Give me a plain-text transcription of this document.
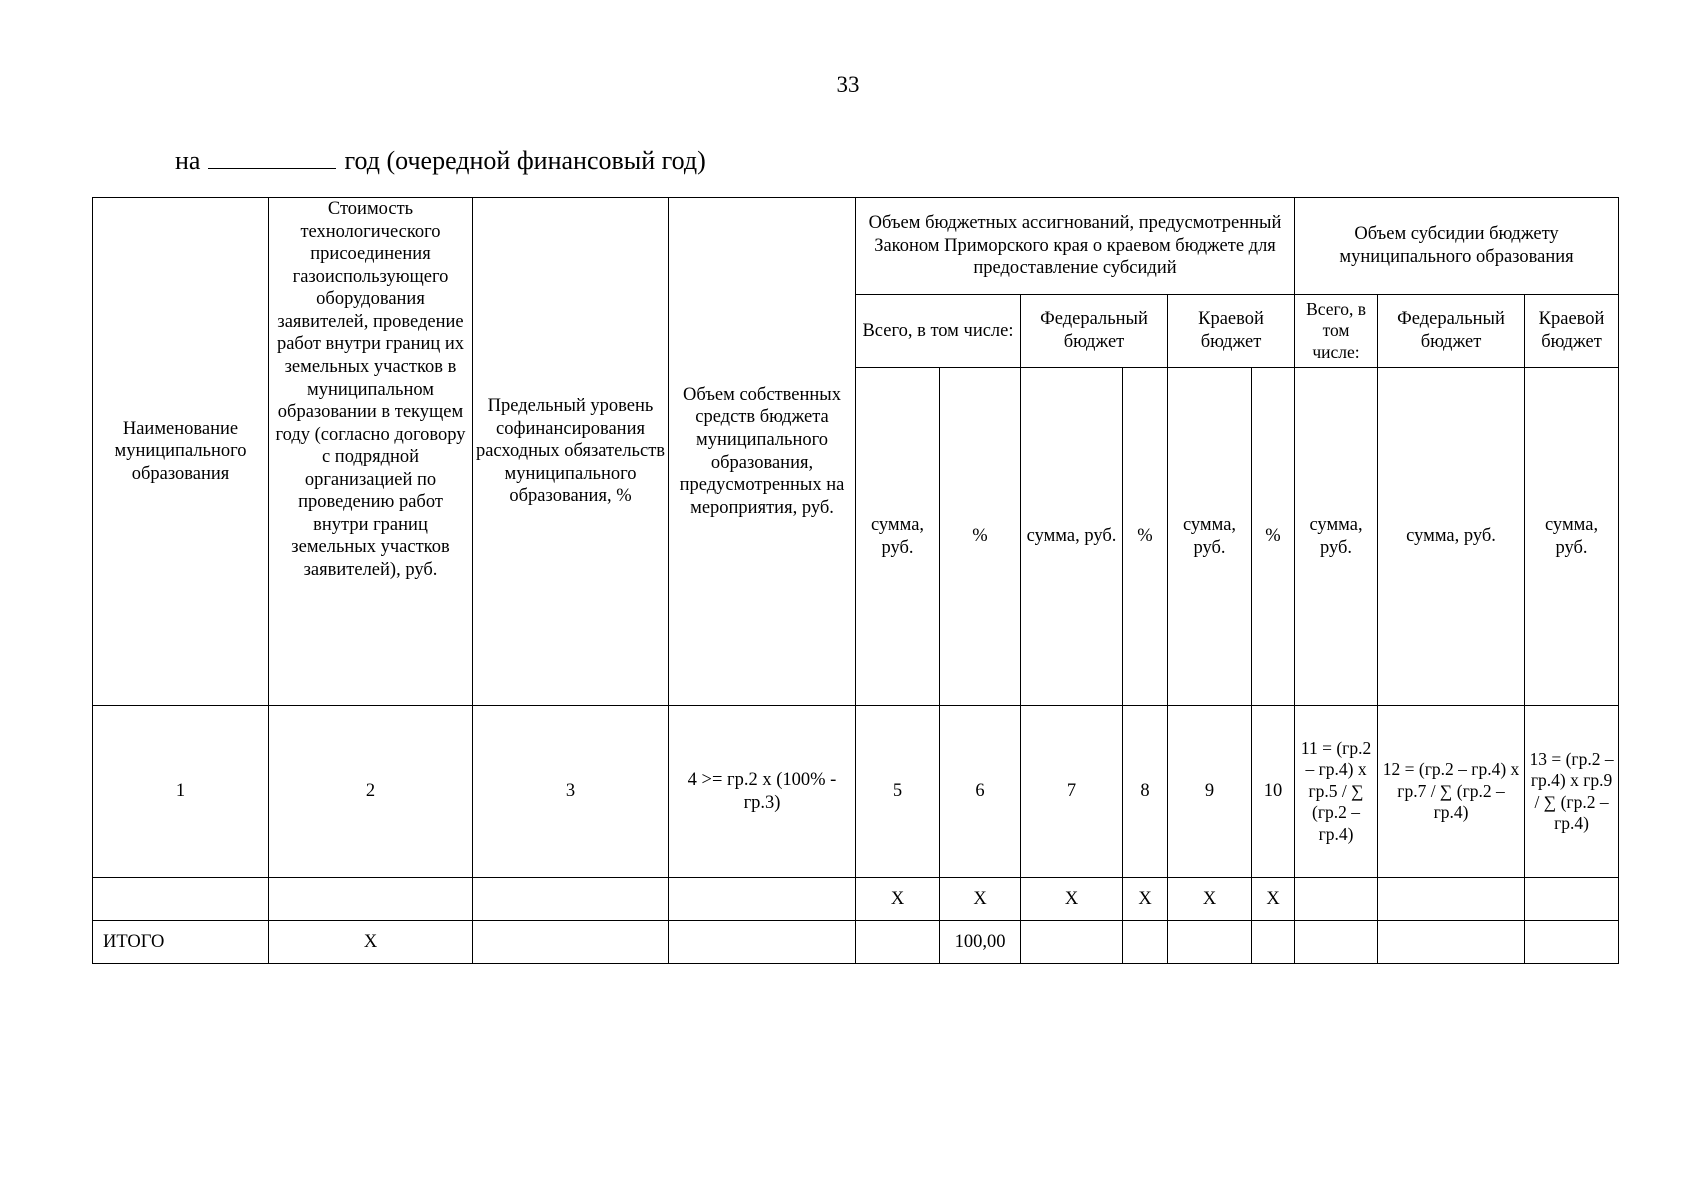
33
на	год (очередной финансовый год)
Наименование муниципального образования	Стоимость технологического присоединения газоиспользующего оборудования заявителей, проведение работ внутри границ их земельных участков в муниципальном образовании в текущем году (согласно договору с подрядной организацией по проведению работ внутри границ земельных участков заявителей), руб.	Предельный уровень софинансирования расходных обязательств муниципального образования, %	Объем собственных средств бюджета муниципального образования, предусмотренных на мероприятия, руб.	Объем бюджетных ассигнований, предусмотренный Законом Приморского края о краевом бюджете для предоставление субсидий						Объем субсидии бюджету муниципального образования		
				Всего, в том числе:		Федеральный бюджет		Краевой бюджет		Всего, в том числе:	Федеральный бюджет	Краевой бюджет
				сумма, руб.	%	сумма, руб.	%	сумма, руб.	%	сумма, руб.	сумма, руб.	сумма, руб.
1	2	3	4 >= гр.2 х (100% - гр.3)	5	6	7	8	9	10	11 = (гр.2 – гр.4) х гр.5 / ∑ (гр.2 – гр.4)	12 = (гр.2 – гр.4) х гр.7 / ∑ (гр.2 – гр.4)	13 = (гр.2 – гр.4) х гр.9 / ∑ (гр.2 – гр.4)
				Х	Х	Х	Х	Х	Х			
ИТОГО	Х				100,00							
